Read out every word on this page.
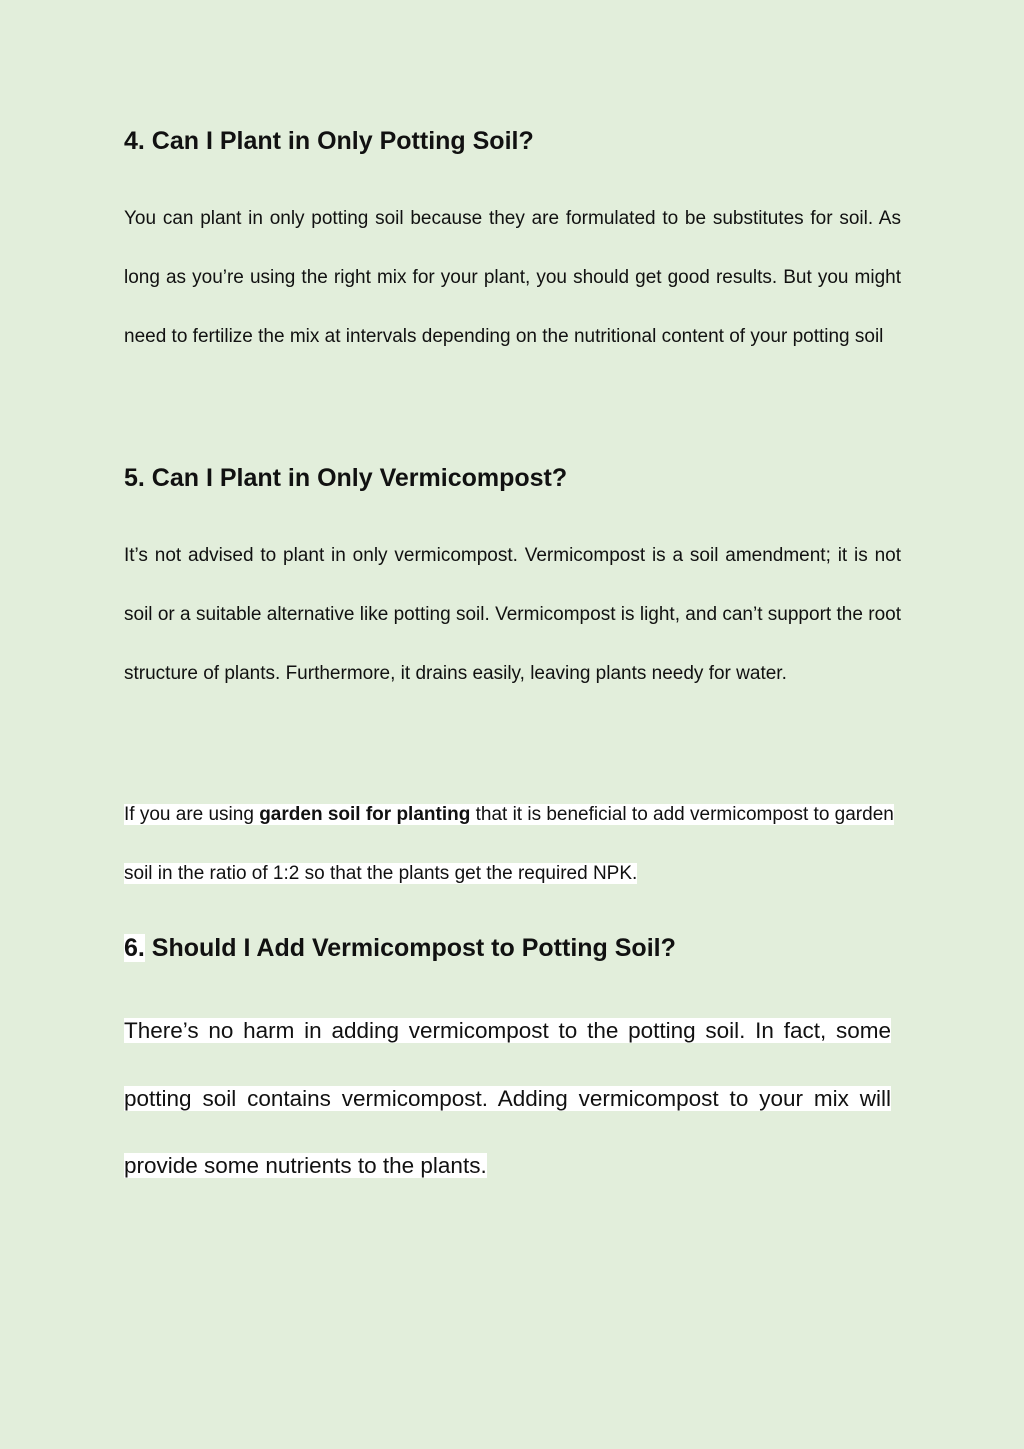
4. Can I Plant in Only Potting Soil?

You can plant in only potting soil because they are formulated to be substitutes for soil. As long as you’re using the right mix for your plant, you should get good results. But you might need to fertilize the mix at intervals depending on the nutritional content of your potting soil

5. Can I Plant in Only Vermicompost?

It’s not advised to plant in only vermicompost. Vermicompost is a soil amendment; it is not soil or a suitable alternative like potting soil. Vermicompost is light, and can’t support the root structure of plants. Furthermore, it drains easily, leaving plants needy for water.

If you are using garden soil for planting that it is beneficial to add vermicompost to garden soil in the ratio of 1:2 so that the plants get the required NPK.

6. Should I Add Vermicompost to Potting Soil?

There’s no harm in adding vermicompost to the potting soil. In fact, some potting soil contains vermicompost. Adding vermicompost to your mix will provide some nutrients to the plants.
